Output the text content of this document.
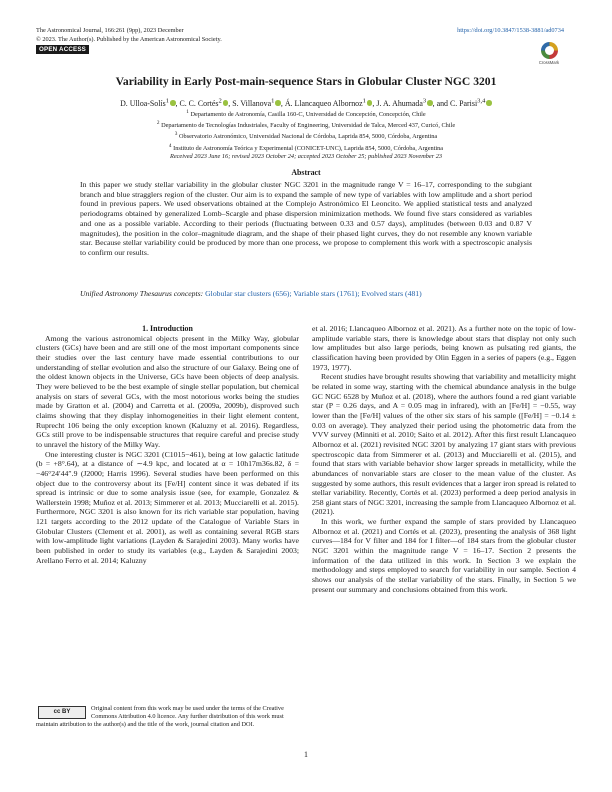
The Astronomical Journal, 166:261 (9pp), 2023 December
© 2023. The Author(s). Published by the American Astronomical Society.
https://doi.org/10.3847/1538-3881/ad0734
OPEN ACCESS
CrossMark
Variability in Early Post-main-sequence Stars in Globular Cluster NGC 3201
D. Ulloa-Solís$^1$ , C. C. Cortés$^2$ , S. Villanova$^1$ , Á. Llancaqueo Albornoz$^1$ , J. A. Ahumada$^3$ , and C. Parisi$^{3,4}$
$^1$ Departamento de Astronomía, Casilla 160-C, Universidad de Concepción, Concepción, Chile
$^2$ Departamento de Tecnologías Industriales, Faculty of Engineering, Universidad de Talca, Merced 437, Curicó, Chile
$^3$ Observatorio Astronómico, Universidad Nacional de Córdoba, Laprida 854, 5000, Córdoba, Argentina
$^4$ Instituto de Astronomía Teórica y Experimental (CONICET-UNC), Laprida 854, 5000, Córdoba, Argentina
Received 2023 June 16; revised 2023 October 24; accepted 2023 October 25; published 2023 November 23
Abstract
In this paper we study stellar variability in the globular cluster NGC 3201 in the magnitude range V = 16–17, corresponding to the subgiant branch and blue stragglers region of the cluster. Our aim is to expand the sample of new type of variables with low amplitude and a short period found in previous papers. We used observations obtained at the Complejo Astronómico El Leoncito. We applied statistical tests and analyzed periodograms obtained by generalized Lomb–Scargle and phase dispersion minimization methods. We found five stars considered as variables and one as a possible variable. According to their periods (fluctuating between 0.33 and 0.57 days), amplitudes (between 0.03 and 0.87 V magnitudes), the position in the color–magnitude diagram, and the shape of their phased light curves, they do not resemble any known variable star. Because stellar variability could be produced by more than one process, we propose to complement this work with a spectroscopic analysis to confirm our results.
Unified Astronomy Thesaurus concepts: Globular star clusters (656); Variable stars (1761); Evolved stars (481)

1. Introduction

Among the various astronomical objects present in the Milky Way, globular clusters (GCs) have been and are still one of the most important components since their studies over the last century have made essential contributions to our understanding of stellar evolution and also the structure of our Galaxy. Being one of the oldest known objects in the Universe, GCs have been objects of deep analysis. They were believed to be the best example of single stellar population, but chemical analysis on stars of several GCs, with the most notorious works being the studies made by Gratton et al. (2004) and Carretta et al. (2009a, 2009b), disproved such claims showing that they display inhomogeneities in their light element content, Ruprecht 106 being the only exception known (Kaluzny et al. 2016). Regardless, GCs still prove to be indispensable structures that require careful and precise study to unravel the history of the Milky Way.

One interesting cluster is NGC 3201 (C1015−461), being at low galactic latitude (b = +8°.64), at a distance of ∼4.9 kpc, and located at α = 10h17m36s.82, δ = −46°24′44″.9 (J2000; Harris 1996). Several studies have been performed on this object due to the controversy about its [Fe/H] content since it was debated if its spread is intrinsic or due to some analysis issue (see, for example, Gonzalez & Wallerstein 1998; Muñoz et al. 2013; Simmerer et al. 2013; Mucciarelli et al. 2015). Furthermore, NGC 3201 is also known for its rich variable star population, having 121 targets according to the 2012 update of the Catalogue of Variable Stars in Globular Clusters (Clement et al. 2001), as well as containing several RGB stars with low-amplitude light variations (Layden & Sarajedini 2003). Many works have been published in order to study its variables (e.g., Layden & Sarajedini 2003; Arellano Ferro et al. 2014; Kaluzny

cc BY	Original content from this work may be used under the terms of the Creative Commons Attribution 4.0 licence. Any further distribution of this work must maintain attribution to the author(s) and the title of the work, journal citation and DOI.

et al. 2016; Llancaqueo Albornoz et al. 2021). As a further note on the topic of low-amplitude variable stars, there is knowledge about stars that display not only such low amplitudes but also large periods, being known as pulsating red giants, the classification having been provided by Olin Eggen in a series of papers (e.g., Eggen 1973, 1977).

Recent studies have brought results showing that variability and metallicity might be related in some way, starting with the chemical abundance analysis in the bulge GC NGC 6528 by Muñoz et al. (2018), where the authors found a red giant variable star (P = 0.26 days, and A = 0.05 mag in infrared), with an [Fe/H] = −0.55, way lower than the [Fe/H] values of the other six stars of his sample ([Fe/H] = −0.14 ± 0.03 on average). They analyzed their period using the photometric data from the VVV survey (Minniti et al. 2010; Saito et al. 2012). After this first result Llancaqueo Albornoz et al. (2021) revisited NGC 3201 by analyzing 17 giant stars with previous spectroscopic data from Simmerer et al. (2013) and Mucciarelli et al. (2015), and found that stars with variable behavior show larger spreads in metallicity, while the abundances of nonvariable stars are closer to the mean value of the cluster. As suggested by some authors, this result evidences that a larger iron spread is related to stellar variability. Recently, Cortés et al. (2023) performed a deep period analysis in 258 giant stars of NGC 3201, increasing the sample from Llancaqueo Albornoz et al. (2021).

In this work, we further expand the sample of stars provided by Llancaqueo Albornoz et al. (2021) and Cortés et al. (2023), presenting the analysis of 368 light curves—184 for V filter and 184 for I filter—of 184 stars from the globular cluster NGC 3201 within the magnitude range V = 16–17. Section 2 presents the information of the data utilized in this work. In Section 3 we explain the methodology and steps employed to search for variability in our sample. Section 4 shows our analysis of the stellar variability of the stars. Finally, in Section 5 we present our summary and conclusions obtained from this work.

1
